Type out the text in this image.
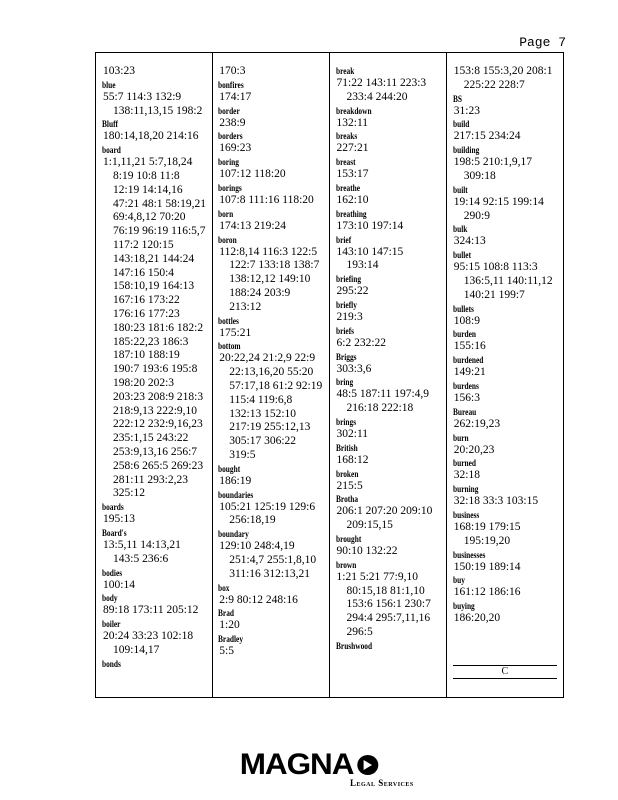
Page 7
103:23
blue
55:7 114:3 132:9
138:11,13,15 198:2
Bluff
180:14,18,20 214:16
board
1:1,11,21 5:7,18,24
8:19 10:8 11:8
12:19 14:14,16
47:21 48:1 58:19,21
69:4,8,12 70:20
76:19 96:19 116:5,7
117:2 120:15
143:18,21 144:24
147:16 150:4
158:10,19 164:13
167:16 173:22
176:16 177:23
180:23 181:6 182:2
185:22,23 186:3
187:10 188:19
190:7 193:6 195:8
198:20 202:3
203:23 208:9 218:3
218:9,13 222:9,10
222:12 232:9,16,23
235:1,15 243:22
253:9,13,16 256:7
258:6 265:5 269:23
281:11 293:2,23
325:12
boards
195:13
Board's
13:5,11 14:13,21
143:5 236:6
bodies
100:14
body
89:18 173:11 205:12
boiler
20:24 33:23 102:18
109:14,17
bonds
170:3
bonfires
174:17
border
238:9
borders
169:23
boring
107:12 118:20
borings
107:8 111:16 118:20
born
174:13 219:24
boron
112:8,14 116:3 122:5
122:7 133:18 138:7
138:12,12 149:10
188:24 203:9
213:12
bottles
175:21
bottom
20:22,24 21:2,9 22:9
22:13,16,20 55:20
57:17,18 61:2 92:19
115:4 119:6,8
132:13 152:10
217:19 255:12,13
305:17 306:22
319:5
bought
186:19
boundaries
105:21 125:19 129:6
256:18,19
boundary
129:10 248:4,19
251:4,7 255:1,8,10
311:16 312:13,21
box
2:9 80:12 248:16
Brad
1:20
Bradley
5:5
break
71:22 143:11 223:3
233:4 244:20
breakdown
132:11
breaks
227:21
breast
153:17
breathe
162:10
breathing
173:10 197:14
brief
143:10 147:15
193:14
briefing
295:22
briefly
219:3
briefs
6:2 232:22
Briggs
303:3,6
bring
48:5 187:11 197:4,9
216:18 222:18
brings
302:11
British
168:12
broken
215:5
Brotha
206:1 207:20 209:10
209:15,15
brought
90:10 132:22
brown
1:21 5:21 77:9,10
80:15,18 81:1,10
153:6 156:1 230:7
294:4 295:7,11,16
296:5
Brushwood
153:8 155:3,20 208:1
225:22 228:7
BS
31:23
build
217:15 234:24
building
198:5 210:1,9,17
309:18
built
19:14 92:15 199:14
290:9
bulk
324:13
bullet
95:15 108:8 113:3
136:5,11 140:11,12
140:21 199:7
bullets
108:9
burden
155:16
burdened
149:21
burdens
156:3
Bureau
262:19,23
burn
20:20,23
burned
32:18
burning
32:18 33:3 103:15
business
168:19 179:15
195:19,20
businesses
150:19 189:14
buy
161:12 186:16
buying
186:20,20
C
MAGNA
Legal Services
